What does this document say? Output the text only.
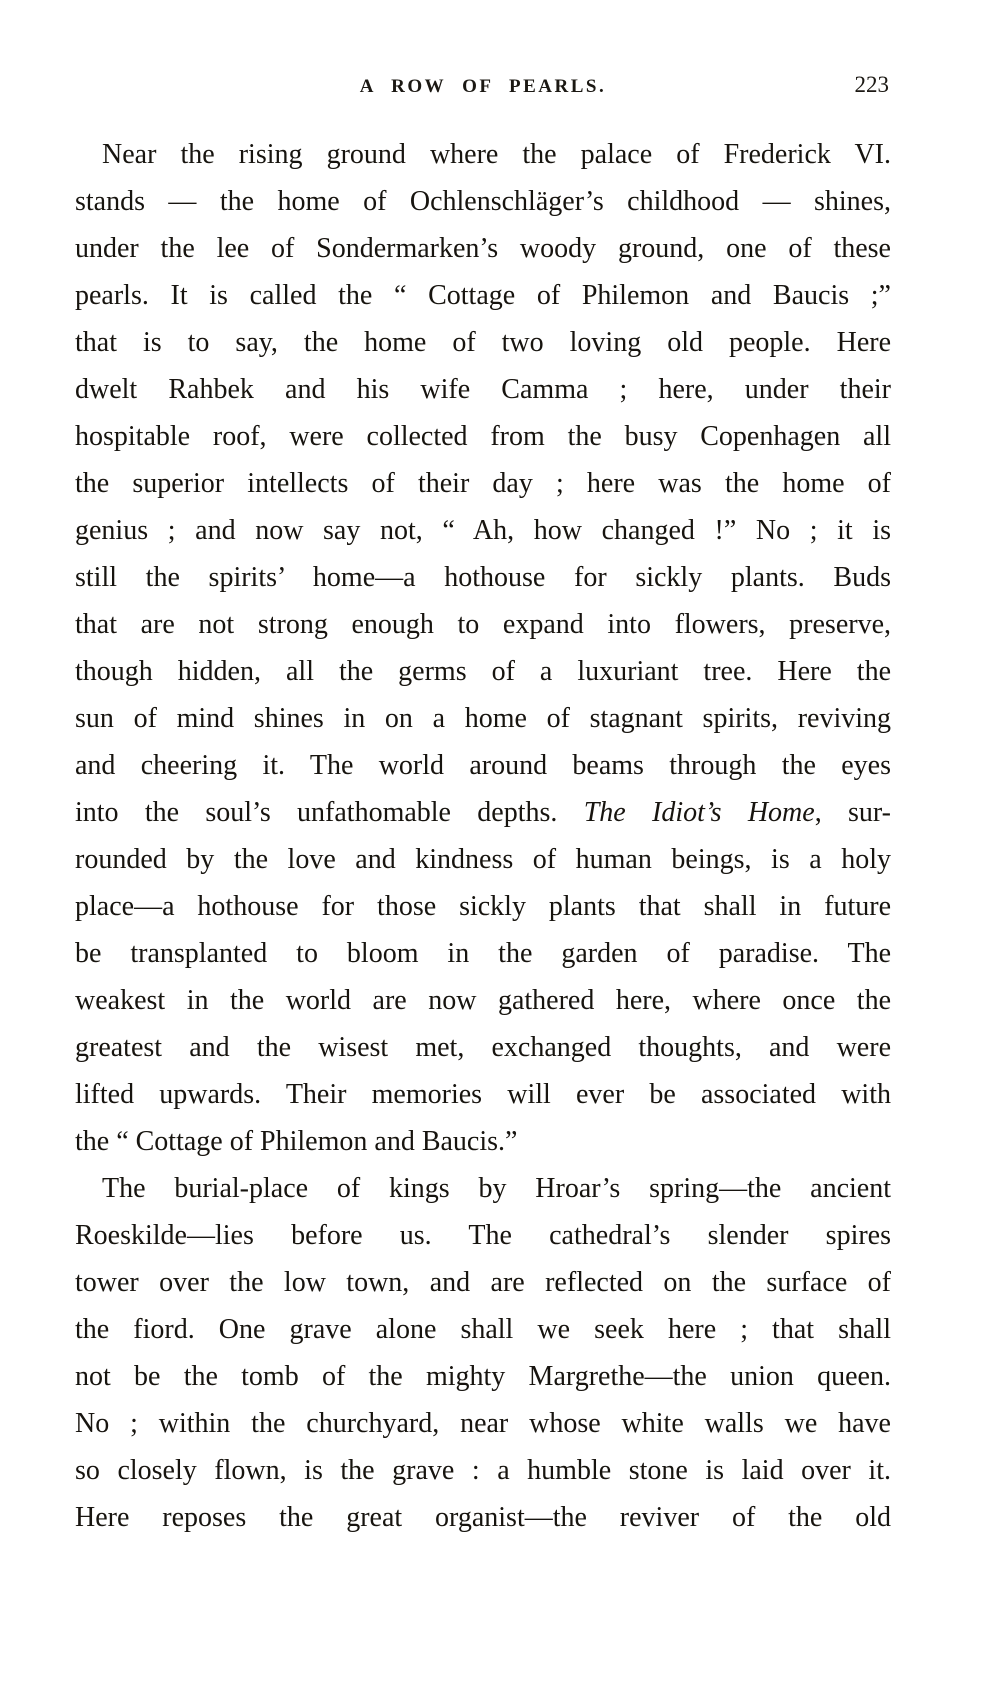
A ROW OF PEARLS.	223
Near the rising ground where the palace of Frederick VI.
stands — the home of Ochlenschläger’s childhood — shines,
under the lee of Sondermarken’s woody ground, one of these
pearls. It is called the “ Cottage of Philemon and Baucis ;”
that is to say, the home of two loving old people. Here
dwelt Rahbek and his wife Camma ; here, under their
hospitable roof, were collected from the busy Copenhagen all
the superior intellects of their day ; here was the home of
genius ; and now say not, “ Ah, how changed !” No ; it is
still the spirits’ home—a hothouse for sickly plants. Buds
that are not strong enough to expand into flowers, preserve,
though hidden, all the germs of a luxuriant tree. Here the
sun of mind shines in on a home of stagnant spirits, reviving
and cheering it. The world around beams through the eyes
into the soul’s unfathomable depths. The Idiot’s Home, sur-
rounded by the love and kindness of human beings, is a holy
place—a hothouse for those sickly plants that shall in future
be transplanted to bloom in the garden of paradise. The
weakest in the world are now gathered here, where once the
greatest and the wisest met, exchanged thoughts, and were
lifted upwards. Their memories will ever be associated with
the “ Cottage of Philemon and Baucis.”
The burial-place of kings by Hroar’s spring—the ancient
Roeskilde—lies before us. The cathedral’s slender spires
tower over the low town, and are reflected on the surface of
the fiord. One grave alone shall we seek here ; that shall
not be the tomb of the mighty Margrethe—the union queen.
No ; within the churchyard, near whose white walls we have
so closely flown, is the grave : a humble stone is laid over it.
Here reposes the great organist—the reviver of the old
